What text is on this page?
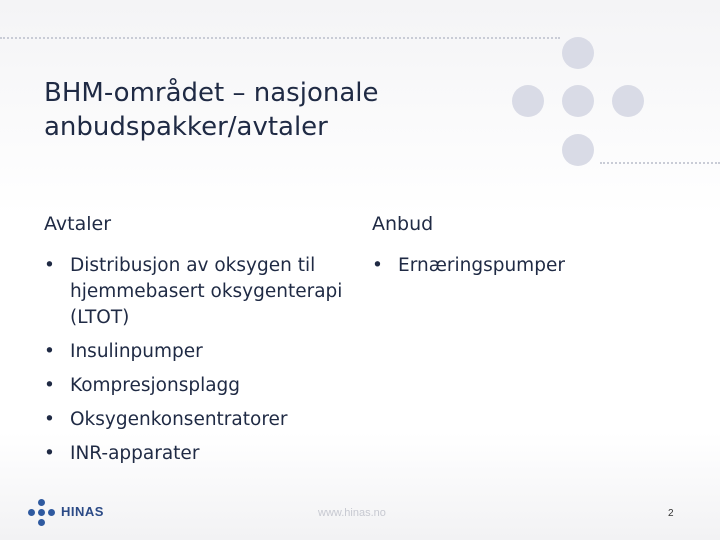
BHM-området – nasjonale anbudspakker/avtaler
Avtaler	Anbud
• Distribusjon av oksygen til hjemmebasert oksygenterapi (LTOT)
• Insulinpumper
• Kompresjonsplagg
• Oksygenkonsentratorer
• INR-apparater
• Ernæringspumper
HINAS	www.hinas.no	2
